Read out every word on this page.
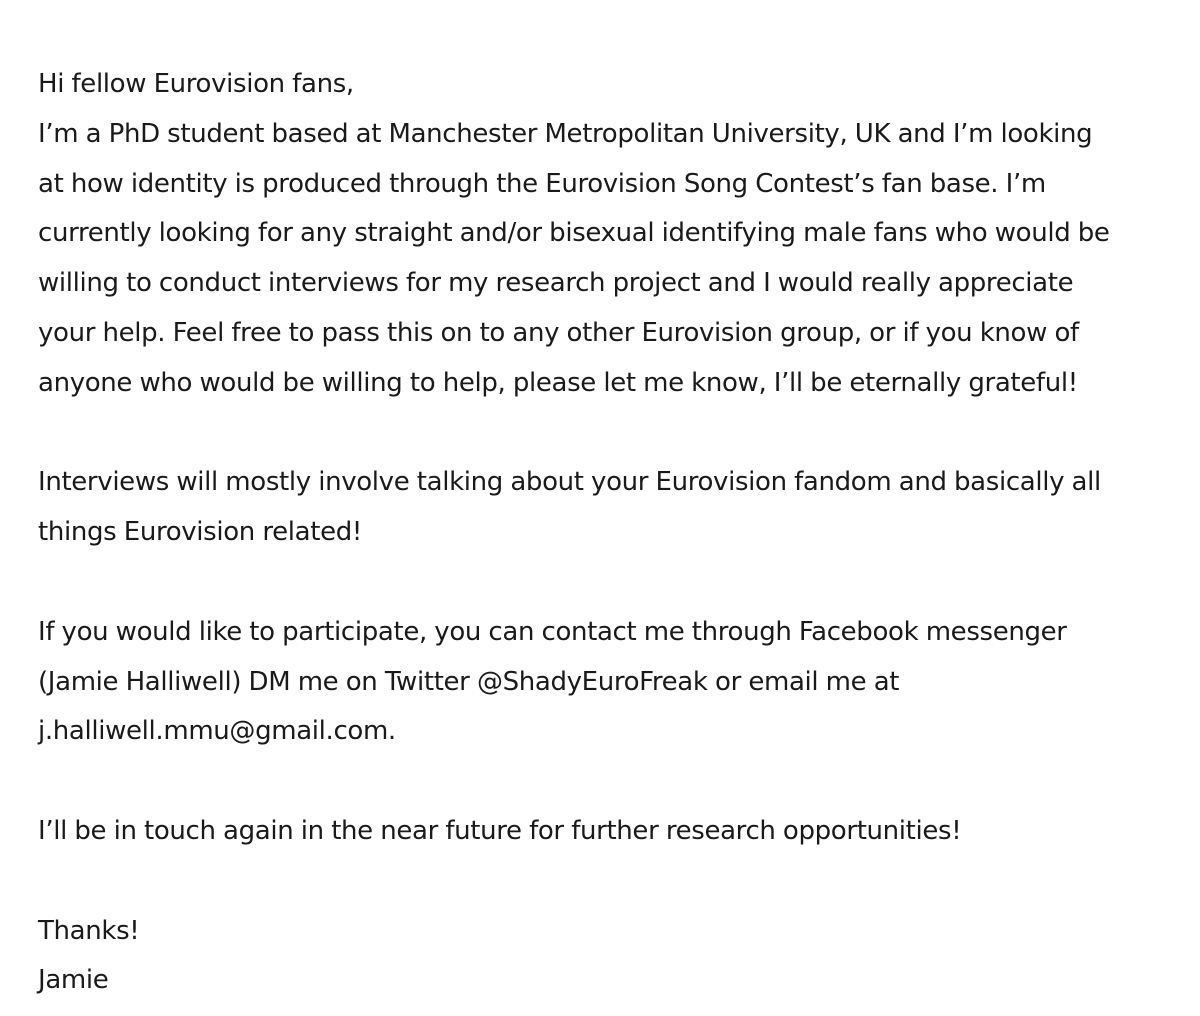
Hi fellow Eurovision fans,
I’m a PhD student based at Manchester Metropolitan University, UK and I’m looking
at how identity is produced through the Eurovision Song Contest’s fan base. I’m
currently looking for any straight and/or bisexual identifying male fans who would be
willing to conduct interviews for my research project and I would really appreciate
your help. Feel free to pass this on to any other Eurovision group, or if you know of
anyone who would be willing to help, please let me know, I’ll be eternally grateful!
Interviews will mostly involve talking about your Eurovision fandom and basically all
things Eurovision related!
If you would like to participate, you can contact me through Facebook messenger
(Jamie Halliwell) DM me on Twitter @ShadyEuroFreak or email me at
j.halliwell.mmu@gmail.com.
I’ll be in touch again in the near future for further research opportunities!
Thanks!
Jamie
